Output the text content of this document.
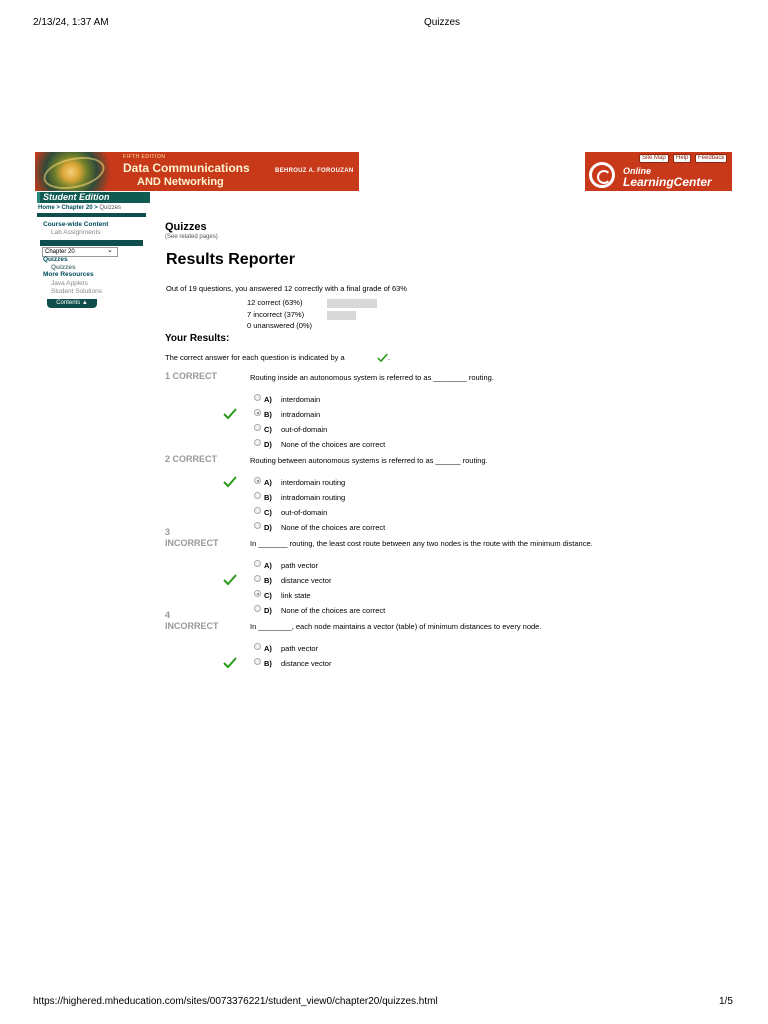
2/13/24, 1:37 AM	Quizzes
FIFTH EDITION
Data Communications
AND Networking
BEHROUZ A. FOROUZAN
Site Map	Help	Feedback
Online
LearningCenter
Student Edition
Home > Chapter 20 > Quizzes
Course-wide Content
Lab Assignments
Chapter 20	⌄
Quizzes
Quizzes
More Resources
Java Applets
Student Solutions
Contents ▲
Quizzes
(See related pages)
Results Reporter
Out of 19 questions, you answered 12 correctly with a final grade of 63%
12 correct (63%)
7 incorrect (37%)
0 unanswered (0%)
Your Results:
The correct answer for each question is indicated by a	.
1 CORRECT	Routing inside an autonomous system is referred to as ________ routing.
A) interdomain
B) intradomain
C) out-of-domain
D) None of the choices are correct
2 CORRECT	Routing between autonomous systems is referred to as ______ routing.
A) interdomain routing
B) intradomain routing
C) out-of-domain
D) None of the choices are correct
3
INCORRECT	In _______ routing, the least cost route between any two nodes is the route with the minimum distance.
A) path vector
B) distance vector
C) link state
D) None of the choices are correct
4
INCORRECT	In ________, each node maintains a vector (table) of minimum distances to every node.
A) path vector
B) distance vector
https://highered.mheducation.com/sites/0073376221/student_view0/chapter20/quizzes.html	1/5
